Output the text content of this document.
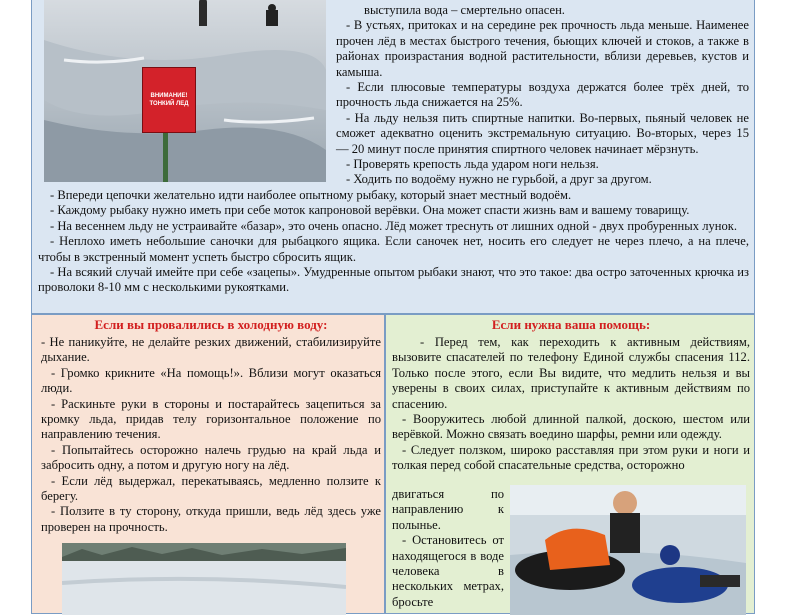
ВНИМАНИЕ! ТОНКИЙ ЛЕД

выступила вода – смертельно опасен.

- В устьях, притоках и на середине рек прочность льда меньше. Наименее прочен лёд в местах быстрого течения, бьющих ключей и стоков, а также в районах произрастания водной растительности, вблизи деревьев, кустов и камыша.

- Если плюсовые температуры воздуха держатся более трёх дней, то прочность льда снижается на 25%.

- На льду нельзя пить спиртные напитки. Во-первых, пьяный человек не сможет адекватно оценить экстремальную ситуацию. Во-вторых, через 15 — 20 минут после принятия спиртного человек начинает мёрзнуть.

- Проверять крепость льда ударом ноги нельзя.

- Ходить по водоёму нужно не гурьбой, а друг за другом.

- Впереди цепочки желательно идти наиболее опытному рыбаку, который знает местный водоём.

- Каждому рыбаку нужно иметь при себе моток капроновой верёвки. Она может спасти жизнь вам и вашему товарищу.

- На весеннем льду не устраивайте «базар», это очень опасно. Лёд может треснуть от лишних одной - двух пробуренных лунок.

- Неплохо иметь небольшие саночки для рыбацкого ящика. Если саночек нет, носить его следует не через плечо, а на плече, чтобы в экстренный момент успеть быстро сбросить ящик.

- На всякий случай имейте при себе «зацепы». Умудренные опытом рыбаки знают, что это такое: два остро заточенных крючка из проволоки 8-10 мм с несколькими рукоятками.

Если вы провалились в холодную воду:

- Не паникуйте, не делайте резких движений, стабилизируйте дыхание.

- Громко крикните «На помощь!». Вблизи могут оказаться люди.

- Раскиньте руки в стороны и постарайтесь зацепиться за кромку льда, придав телу горизонтальное положение по направлению течения.

- Попытайтесь осторожно налечь грудью на край льда и забросить одну, а потом и другую ногу на лёд.

- Если лёд выдержал, перекатываясь, медленно ползите к берегу.

- Ползите в ту сторону, откуда пришли, ведь лёд здесь уже проверен на прочность.

Если нужна ваша помощь:

- Перед тем, как переходить к активным действиям, вызовите спасателей по телефону Единой службы спасения 112. Только после этого, если Вы видите, что медлить нельзя и вы уверены в своих силах, приступайте к активным действиям по спасению.

- Вооружитесь любой длинной палкой, доскою, шестом или верёвкой. Можно связать воедино шарфы, ремни или одежду.

- Следует ползком, широко расставляя при этом руки и ноги и толкая перед собой спасательные средства, осторожно

двигаться по направлению к полынье.

- Остановитесь от находящегося в воде человека в нескольких метрах, бросьте
